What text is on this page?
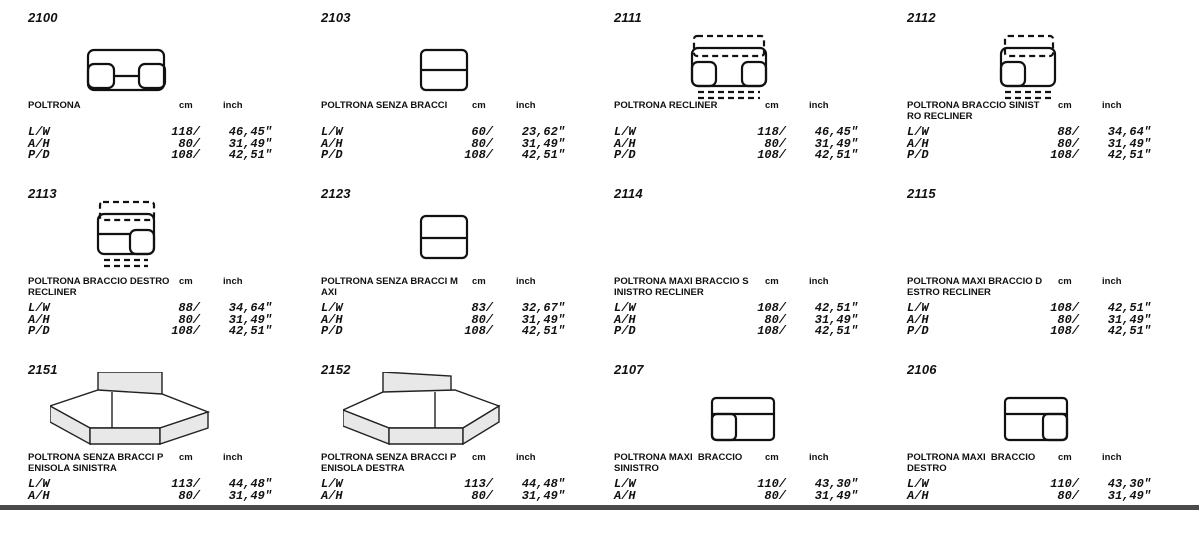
2100
POLTRONA	cm	inch
L/W	118/ 46,45"
A/H	80/ 31,49"
P/D	108/ 42,51"
2103
POLTRONA SENZA BRACCI	cm	inch
L/W	60/ 23,62"
A/H	80/ 31,49"
P/D	108/ 42,51"
2111
POLTRONA RECLINER	cm	inch
L/W	118/ 46,45"
A/H	80/ 31,49"
P/D	108/ 42,51"
2112
POLTRONA BRACCIO SINIST
RO RECLINER
cm	inch
L/W	88/ 34,64"
A/H	80/ 31,49"
P/D	108/ 42,51"
2113
POLTRONA BRACCIO DESTRO
RECLINER
cm	inch
L/W	88/ 34,64"
A/H	80/ 31,49"
P/D	108/ 42,51"
2123
POLTRONA SENZA BRACCI M
AXI
cm	inch
L/W	83/ 32,67"
A/H	80/ 31,49"
P/D	108/ 42,51"
2114
POLTRONA MAXI BRACCIO S
INISTRO RECLINER
cm	inch
L/W	108/ 42,51"
A/H	80/ 31,49"
P/D	108/ 42,51"
2115
POLTRONA MAXI BRACCIO D
ESTRO RECLINER
cm	inch
L/W	108/ 42,51"
A/H	80/ 31,49"
P/D	108/ 42,51"
2151
POLTRONA SENZA BRACCI P
ENISOLA SINISTRA
cm	inch
L/W	113/ 44,48"
A/H	80/ 31,49"
2152
POLTRONA SENZA BRACCI P
ENISOLA DESTRA
cm	inch
L/W	113/ 44,48"
A/H	80/ 31,49"
2107
POLTRONA MAXI  BRACCIO
SINISTRO
cm	inch
L/W	110/ 43,30"
A/H	80/ 31,49"
2106
POLTRONA MAXI  BRACCIO
DESTRO
cm	inch
L/W	110/ 43,30"
A/H	80/ 31,49"
